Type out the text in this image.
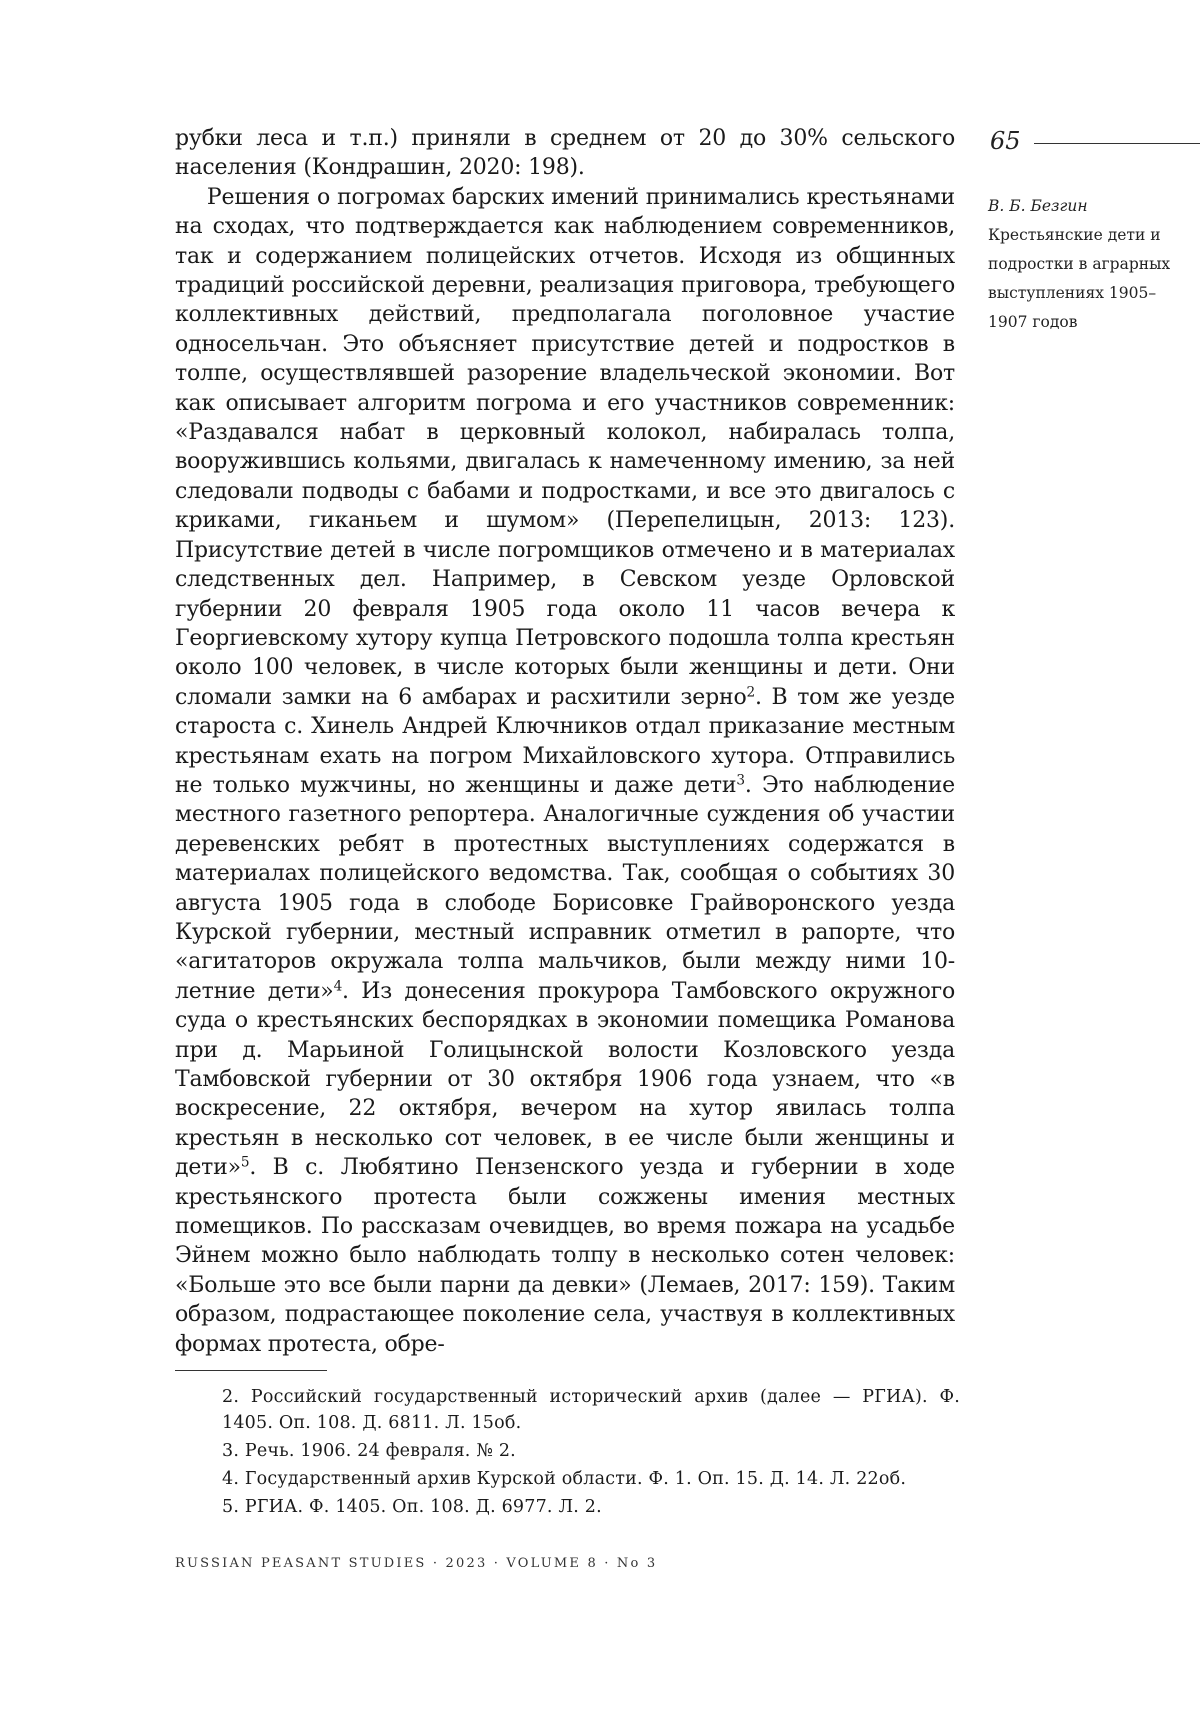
65
В. Б. Безгин
Крестьянские дети и подростки в аграрных выступлениях 1905–1907 годов

рубки леса и т.п.) приняли в среднем от 20 до 30% сельского населения (Кондрашин, 2020: 198).

Решения о погромах барских имений принимались крестьянами на сходах, что подтверждается как наблюдением современников, так и содержанием полицейских отчетов. Исходя из общинных традиций российской деревни, реализация приговора, требующего коллективных действий, предполагала поголовное участие односельчан. Это объясняет присутствие детей и подростков в толпе, осуществлявшей разорение владельческой экономии. Вот как описывает алгоритм погрома и его участников современник: «Раздавался набат в церковный колокол, набиралась толпа, вооружившись кольями, двигалась к намеченному имению, за ней следовали подводы с бабами и подростками, и все это двигалось с криками, гиканьем и шумом» (Перепелицын, 2013: 123). Присутствие детей в числе погромщиков отмечено и в материалах следственных дел. Например, в Севском уезде Орловской губернии 20 февраля 1905 года около 11 часов вечера к Георгиевскому хутору купца Петровского подошла толпа крестьян около 100 человек, в числе которых были женщины и дети. Они сломали замки на 6 амбарах и расхитили зерно2. В том же уезде староста с. Хинель Андрей Ключников отдал приказание местным крестьянам ехать на погром Михайловского хутора. Отправились не только мужчины, но женщины и даже дети3. Это наблюдение местного газетного репортера. Аналогичные суждения об участии деревенских ребят в протестных выступлениях содержатся в материалах полицейского ведомства. Так, сообщая о событиях 30 августа 1905 года в слободе Борисовке Грайворонского уезда Курской губернии, местный исправник отметил в рапорте, что «агитаторов окружала толпа мальчиков, были между ними 10-летние дети»4. Из донесения прокурора Тамбовского окружного суда о крестьянских беспорядках в экономии помещика Романова при д. Марьиной Голицынской волости Козловского уезда Тамбовской губернии от 30 октября 1906 года узнаем, что «в воскресение, 22 октября, вечером на хутор явилась толпа крестьян в несколько сот человек, в ее числе были женщины и дети»5. В с. Любятино Пензенского уезда и губернии в ходе крестьянского протеста были сожжены имения местных помещиков. По рассказам очевидцев, во время пожара на усадьбе Эйнем можно было наблюдать толпу в несколько сотен человек: «Больше это все были парни да девки» (Лемаев, 2017: 159). Таким образом, подрастающее поколение села, участвуя в коллективных формах протеста, обре-

2. Российский государственный исторический архив (далее — РГИА). Ф. 1405. Оп. 108. Д. 6811. Л. 15об.

3. Речь. 1906. 24 февраля. № 2.

4. Государственный архив Курской области. Ф. 1. Оп. 15. Д. 14. Л. 22об.

5. РГИА. Ф. 1405. Оп. 108. Д. 6977. Л. 2.

RUSSIAN PEASANT STUDIES · 2023 · VOLUME 8 · No 3
